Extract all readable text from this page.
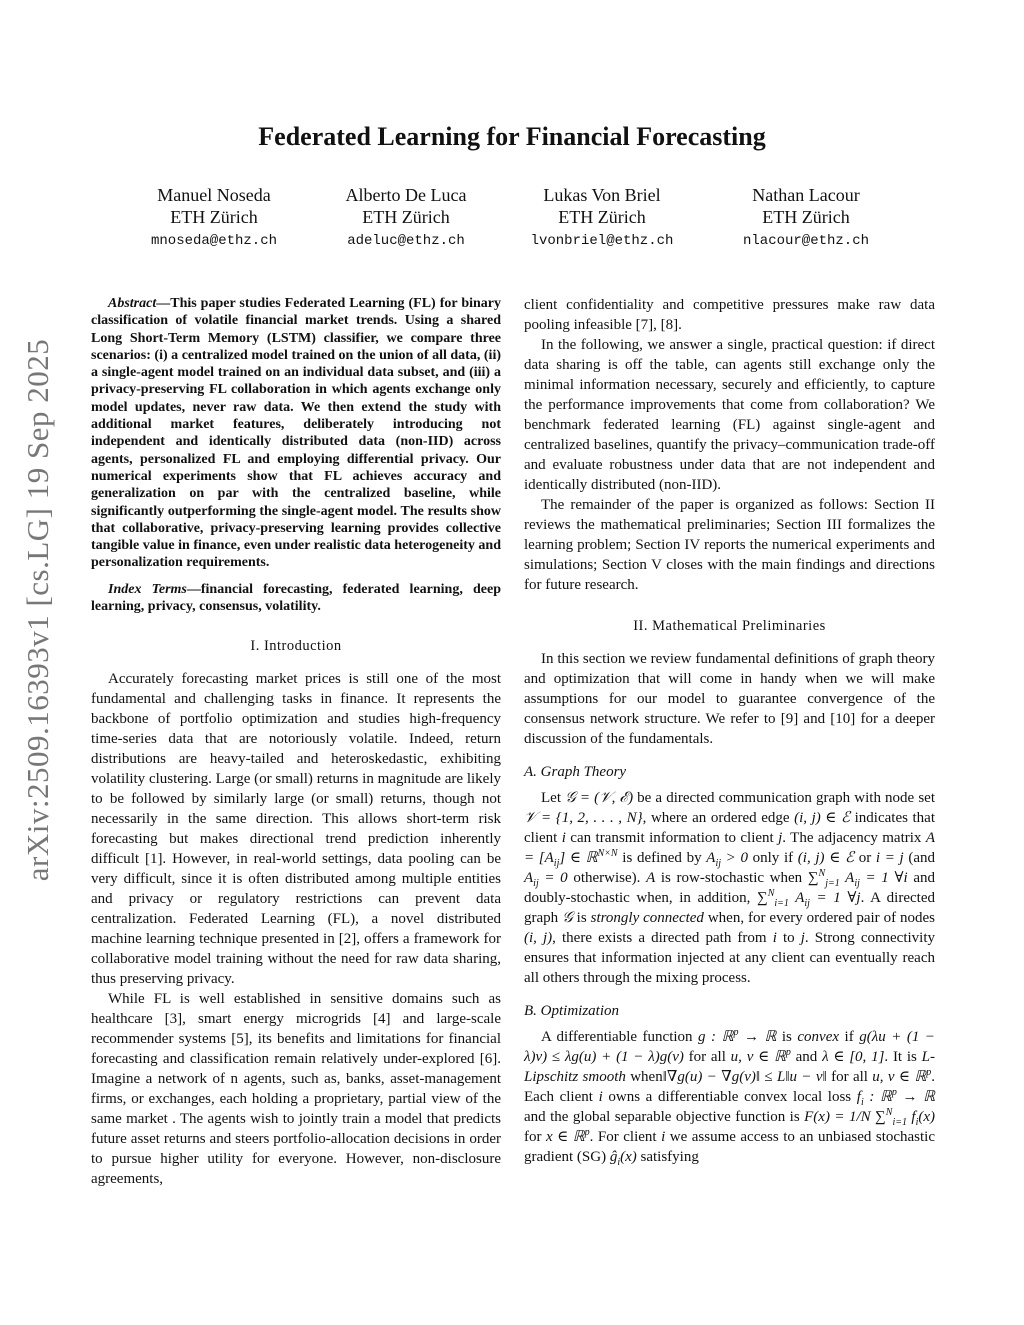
arXiv:2509.16393v1 [cs.LG] 19 Sep 2025
Federated Learning for Financial Forecasting
Manuel Noseda
ETH Zürich
mnoseda@ethz.ch
Alberto De Luca
ETH Zürich
adeluc@ethz.ch
Lukas Von Briel
ETH Zürich
lvonbriel@ethz.ch
Nathan Lacour
ETH Zürich
nlacour@ethz.ch

Abstract—This paper studies Federated Learning (FL) for binary classification of volatile financial market trends. Using a shared Long Short-Term Memory (LSTM) classifier, we compare three scenarios: (i) a centralized model trained on the union of all data, (ii) a single-agent model trained on an individual data subset, and (iii) a privacy-preserving FL collaboration in which agents exchange only model updates, never raw data. We then extend the study with additional market features, deliberately introducing not independent and identically distributed data (non-IID) across agents, personalized FL and employing differential privacy. Our numerical experiments show that FL achieves accuracy and generalization on par with the centralized baseline, while significantly outperforming the single-agent model. The results show that collaborative, privacy-preserving learning provides collective tangible value in finance, even under realistic data heterogeneity and personalization requirements.

Index Terms—financial forecasting, federated learning, deep learning, privacy, consensus, volatility.

I. Introduction

Accurately forecasting market prices is still one of the most fundamental and challenging tasks in finance. It represents the backbone of portfolio optimization and studies high-frequency time-series data that are notoriously volatile. Indeed, return distributions are heavy-tailed and heteroskedastic, exhibiting volatility clustering. Large (or small) returns in magnitude are likely to be followed by similarly large (or small) returns, though not necessarily in the same direction. This allows short-term risk forecasting but makes directional trend prediction inherently difficult [1]. However, in real-world settings, data pooling can be very difficult, since it is often distributed among multiple entities and privacy or regulatory restrictions can prevent data centralization. Federated Learning (FL), a novel distributed machine learning technique presented in [2], offers a framework for collaborative model training without the need for raw data sharing, thus preserving privacy.

While FL is well established in sensitive domains such as healthcare [3], smart energy microgrids [4] and large-scale recommender systems [5], its benefits and limitations for financial forecasting and classification remain relatively under-explored [6]. Imagine a network of n agents, such as, banks, asset-management firms, or exchanges, each holding a proprietary, partial view of the same market . The agents wish to jointly train a model that predicts future asset returns and steers portfolio-allocation decisions in order to pursue higher utility for everyone. However, non-disclosure agreements,

client confidentiality and competitive pressures make raw data pooling infeasible [7], [8].

In the following, we answer a single, practical question: if direct data sharing is off the table, can agents still exchange only the minimal information necessary, securely and efficiently, to capture the performance improvements that come from collaboration? We benchmark federated learning (FL) against single-agent and centralized baselines, quantify the privacy–communication trade-off and evaluate robustness under data that are not independent and identically distributed (non-IID).

The remainder of the paper is organized as follows: Section II reviews the mathematical preliminaries; Section III formalizes the learning problem; Section IV reports the numerical experiments and simulations; Section V closes with the main findings and directions for future research.

II. Mathematical Preliminaries

In this section we review fundamental definitions of graph theory and optimization that will come in handy when we will make assumptions for our model to guarantee convergence of the consensus network structure. We refer to [9] and [10] for a deeper discussion of the fundamentals.

A. Graph Theory

Let 𝒢 = (𝒱, ℰ) be a directed communication graph with node set 𝒱 = {1, 2, . . . , N}, where an ordered edge (i, j) ∈ ℰ indicates that client i can transmit information to client j. The adjacency matrix $A = [A_{ij}]$ ∈ ℝ$^{N\times N}$ is defined by $A_{ij} > 0$ only if (i, j) ∈ ℰ or i = j (and $A_{ij} = 0$ otherwise). A is row-stochastic when ∑$^N_{j=1}$ $A_{ij} = 1$ ∀i and doubly-stochastic when, in addition, ∑$^N_{i=1}$ $A_{ij} = 1$ ∀j. A directed graph 𝒢 is strongly connected when, for every ordered pair of nodes (i, j), there exists a directed path from i to j. Strong connectivity ensures that information injected at any client can eventually reach all others through the mixing process.

B. Optimization

A differentiable function g : ℝ$^p$ → ℝ is convex if g(λu + (1 − λ)v) ≤ λg(u) + (1 − λ)g(v) for all u, v ∈ ℝ$^p$ and λ ∈ [0, 1]. It is L-Lipschitz smooth when‖∇g(u) − ∇g(v)‖ ≤ L‖u − v‖ for all u, v ∈ ℝ$^p$. Each client i owns a differentiable convex local loss $f_i$ : ℝ$^p$ → ℝ and the global separable objective function is F(x) = 1/N ∑$^N_{i=1}$ $f_i(x)$ for x ∈ ℝ$^p$. For client i we assume access to an unbiased stochastic gradient (SG) $ĝ_i(x)$ satisfying
